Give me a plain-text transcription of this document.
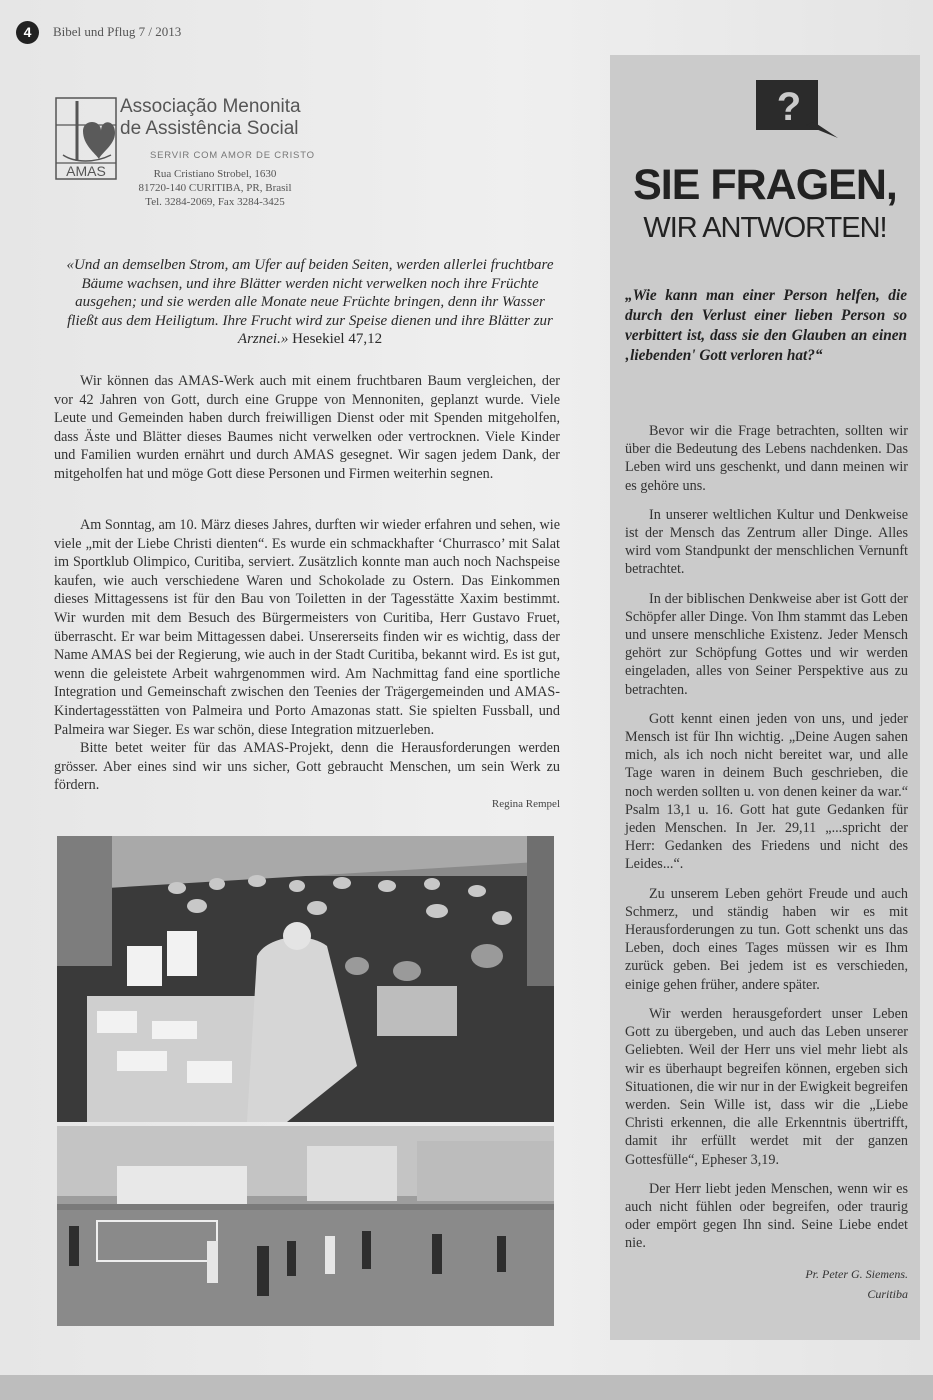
4	Bibel und Pflug 7 / 2013
AMAS
Associação Menonita
de Assistência Social
SERVIR COM AMOR DE CRISTO
Rua Cristiano Strobel, 1630
81720-140 CURITIBA, PR, Brasil
Tel. 3284-2069, Fax 3284-3425
«Und an demselben Strom, am Ufer auf beiden Seiten, werden allerlei fruchtbare Bäume wachsen, und ihre Blätter werden nicht verwelken noch ihre Früchte ausgehen; und sie werden alle Monate neue Früchte bringen, denn ihr Wasser fließt aus dem Heiligtum. Ihre Frucht wird zur Speise dienen und ihre Blätter zur Arznei.» Hesekiel 47,12

Wir können das AMAS-Werk auch mit einem fruchtbaren Baum vergleichen, der vor 42 Jahren von Gott, durch eine Gruppe von Mennoniten, geplanzt wurde. Viele Leute und Gemeinden haben durch freiwilligen Dienst oder mit Spenden mitgeholfen, dass Äste und Blätter dieses Baumes nicht verwelken oder vertrocknen. Viele Kinder und Familien wurden ernährt und durch AMAS gesegnet. Wir sagen jedem Dank, der mitgeholfen hat und möge Gott diese Personen und Firmen weiterhin segnen.

Am Sonntag, am 10. März dieses Jahres, durften wir wieder erfahren und sehen, wie viele „mit der Liebe Christi dienten“. Es wurde ein schmackhafter ‘Churrasco’ mit Salat im Sportklub Olimpico, Curitiba, serviert. Zusätzlich konnte man auch noch Nachspeise kaufen, wie auch verschiedene Waren und Schokolade zu Ostern. Das Einkommen dieses Mittagessens ist für den Bau von Toiletten in der Tagesstätte Xaxim bestimmt. Wir wurden mit dem Besuch des Bürgermeisters von Curitiba, Herr Gustavo Fruet, überrascht. Er war beim Mittagessen dabei. Unsererseits finden wir es wichtig, dass der Name AMAS bei der Regierung, wie auch in der Stadt Curitiba, bekannt wird. Es ist gut, wenn die geleistete Arbeit wahrgenommen wird. Am Nachmittag fand eine sportliche Integration und Gemeinschaft zwischen den Teenies der Trägergemeinden und AMAS-Kindertagesstätten von Palmeira und Porto Amazonas statt. Sie spielten Fussball, und Palmeira war Sieger. Es war schön, diese Integration mitzuerleben.

Bitte betet weiter für das AMAS-Projekt, denn die Herausforderungen werden grösser. Aber eines sind wir uns sicher, Gott gebraucht Menschen, um sein Werk zu fördern.

Regina Rempel
?
SIE FRAGEN,
WIR ANTWORTEN!
„Wie kann man einer Person helfen, die durch den Verlust einer lieben Person so verbittert ist, dass sie den Glauben an einen ‚liebenden' Gott verloren hat?“

Bevor wir die Frage betrachten, sollten wir über die Bedeutung des Lebens nachdenken. Das Leben wird uns geschenkt, und dann meinen wir es gehöre uns.

In unserer weltlichen Kultur und Denkweise ist der Mensch das Zentrum aller Dinge. Alles wird vom Standpunkt der menschlichen Vernunft betrachtet.

In der biblischen Denkweise aber ist Gott der Schöpfer aller Dinge. Von Ihm stammt das Leben und unsere menschliche Existenz. Jeder Mensch gehört zur Schöpfung Gottes und wir werden eingeladen, alles von Seiner Perspektive aus zu betrachten.

Gott kennt einen jeden von uns, und jeder Mensch ist für Ihn wichtig. „Deine Augen sahen mich, als ich noch nicht bereitet war, und alle Tage waren in deinem Buch geschrieben, die noch werden sollten u. von denen keiner da war.“ Psalm 13,1 u. 16. Gott hat gute Gedanken für jeden Menschen. In Jer. 29,11 „...spricht der Herr: Gedanken des Friedens und nicht des Leides...“.

Zu unserem Leben gehört Freude und auch Schmerz, und ständig haben wir es mit Herausforderungen zu tun. Gott schenkt uns das Leben, doch eines Tages müssen wir es Ihm zurück geben. Bei jedem ist es verschieden, einige gehen früher, andere später.

Wir werden herausgefordert unser Leben Gott zu übergeben, und auch das Leben unserer Geliebten. Weil der Herr uns viel mehr liebt als wir es überhaupt begreifen können, ergeben sich Situationen, die wir nur in der Ewigkeit begreifen werden. Sein Wille ist, dass wir die „Liebe Christi erkennen, die alle Erkenntnis übertrifft, damit ihr erfüllt werdet mit der ganzen Gottesfülle“, Epheser 3,19.

Der Herr liebt jeden Menschen, wenn wir es auch nicht fühlen oder begreifen, oder traurig oder empört gegen Ihn sind. Seine Liebe endet nie.

Pr. Peter G. Siemens.
Curitiba
